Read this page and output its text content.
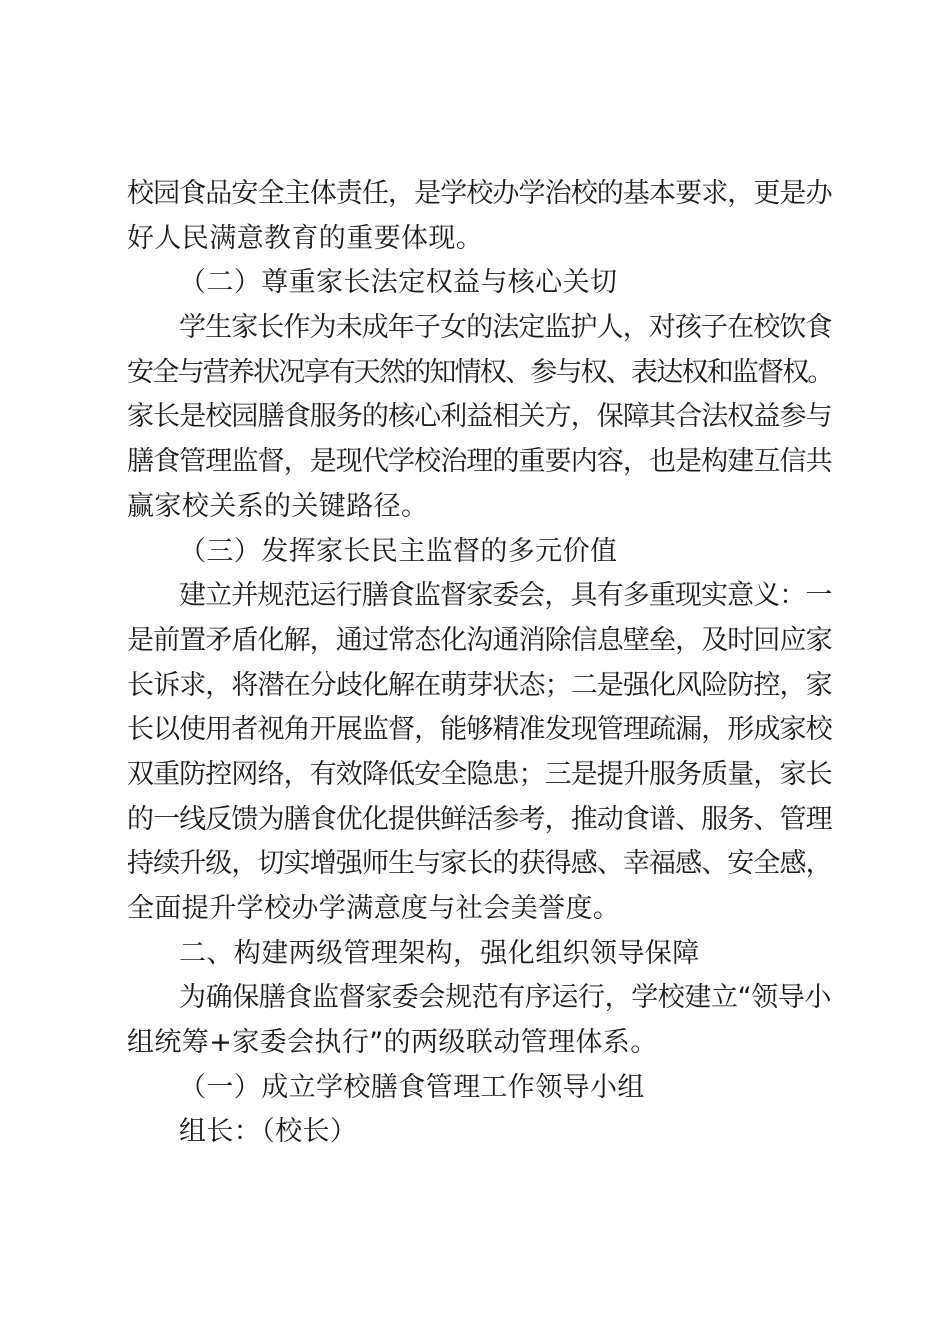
校园食品安全主体责任，是学校办学治校的基本要求，更是办
好人民满意教育的重要体现。
（二）尊重家长法定权益与核心关切
学生家长作为未成年子女的法定监护人，对孩子在校饮食
安全与营养状况享有天然的知情权、参与权、表达权和监督权。
家长是校园膳食服务的核心利益相关方，保障其合法权益参与
膳食管理监督，是现代学校治理的重要内容，也是构建互信共
赢家校关系的关键路径。
（三）发挥家长民主监督的多元价值
建立并规范运行膳食监督家委会，具有多重现实意义：一
是前置矛盾化解，通过常态化沟通消除信息壁垒，及时回应家
长诉求，将潜在分歧化解在萌芽状态；二是强化风险防控，家
长以使用者视角开展监督，能够精准发现管理疏漏，形成家校
双重防控网络，有效降低安全隐患；三是提升服务质量，家长
的一线反馈为膳食优化提供鲜活参考，推动食谱、服务、管理
持续升级，切实增强师生与家长的获得感、幸福感、安全感，
全面提升学校办学满意度与社会美誉度。
二、构建两级管理架构，强化组织领导保障
为确保膳食监督家委会规范有序运行，学校建立“领导小
组统筹+家委会执行”的两级联动管理体系。
（一）成立学校膳食管理工作领导小组
组长：（校长）
